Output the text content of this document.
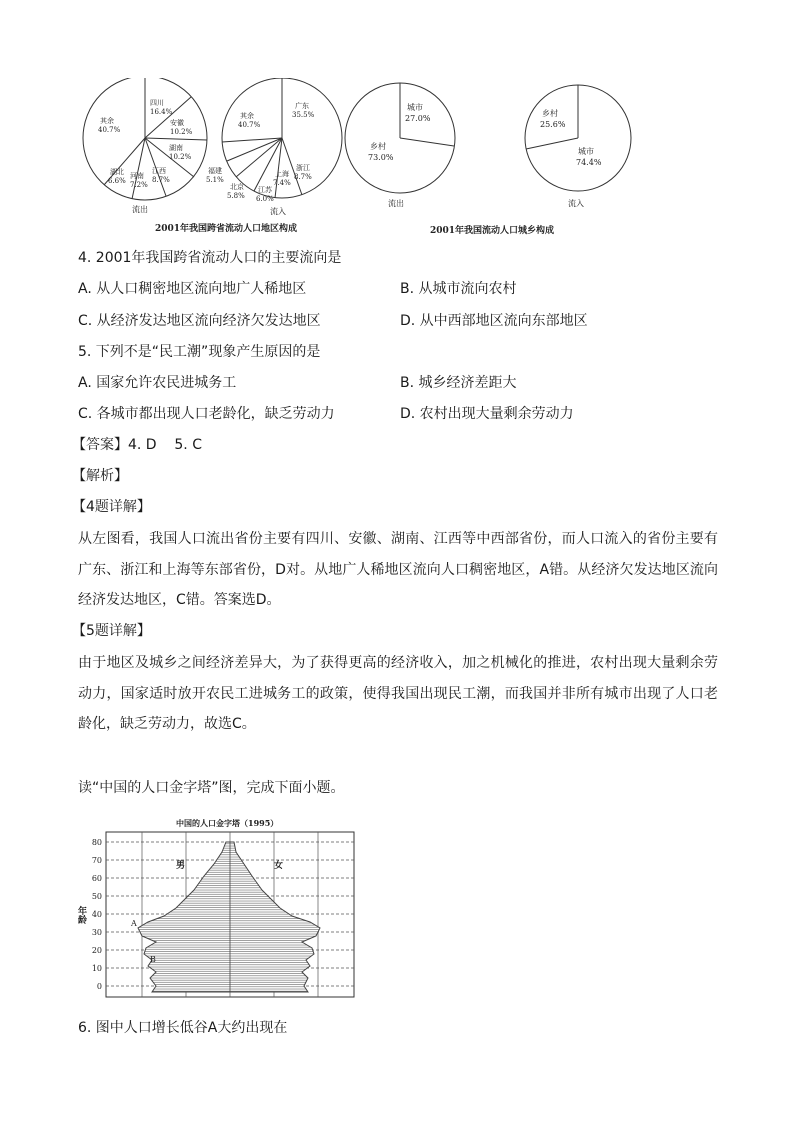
四川
16.4%
安徽
10.2%
湖南
10.2%
江西
8.7%
河南
7.2%
湖北
6.6%
其余
40.7%
流出
广东
35.5%
浙江
8.7%
上海
7.4%
江苏
6.0%
北京
5.8%
福建
5.1%
其余
40.7%
流入
城市
27.0%
乡村
73.0%
流出
乡村
25.6%
城市
74.4%
流入
2001年我国跨省流动人口地区构成	2001年我国流动人口城乡构成
4. 2001年我国跨省流动人口的主要流向是
A. 从人口稠密地区流向地广人稀地区	B. 从城市流向农村
C. 从经济发达地区流向经济欠发达地区	D. 从中西部地区流向东部地区
5. 下列不是“民工潮”现象产生原因的是
A. 国家允许农民进城务工	B. 城乡经济差距大
C. 各城市都出现人口老龄化，缺乏劳动力	D. 农村出现大量剩余劳动力
【答案】4. D    5. C
【解析】
【4题详解】
从左图看，我国人口流出省份主要有四川、安徽、湖南、江西等中西部省份，而人口流入的省份主要有广东、浙江和上海等东部省份，D对。从地广人稀地区流向人口稠密地区，A错。从经济欠发达地区流向经济发达地区，C错。答案选D。
【5题详解】
由于地区及城乡之间经济差异大，为了获得更高的经济收入，加之机械化的推进，农村出现大量剩余劳动力，国家适时放开农民工进城务工的政策，使得我国出现民工潮，而我国并非所有城市出现了人口老龄化，缺乏劳动力，故选C。
读“中国的人口金字塔”图，完成下面小题。
中国的人口金字塔（1995）
0
10
20
30
40
50
60
70
80
年龄
男	女
A
B
6. 图中人口增长低谷A大约出现在
